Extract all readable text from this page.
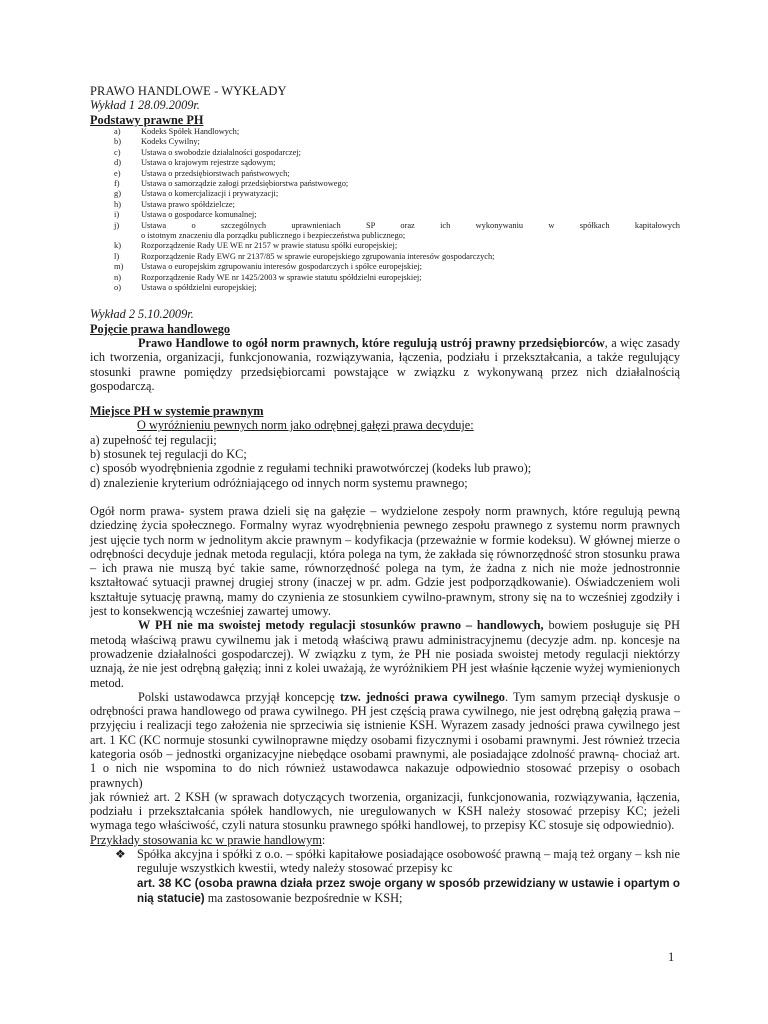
PRAWO HANDLOWE - WYKŁADY
Wykład 1 28.09.2009r.
Podstawy prawne PH
a)	Kodeks Spółek Handlowych;
b)	Kodeks Cywilny;
c)	Ustawa o swobodzie działalności gospodarczej;
d)	Ustawa o krajowym rejestrze sądowym;
e)	Ustawa o przedsiębiorstwach państwowych;
f)	Ustawa o samorządzie załogi przedsiębiorstwa państwowego;
g)	Ustawa o komercjalizacji i prywatyzacji;
h)	Ustawa prawo spółdzielcze;
i)	Ustawa o gospodarce komunalnej;
j)	Ustawa o szczególnych uprawnieniach SP oraz ich wykonywaniu w spółkach kapitałowych
o istotnym znaczeniu dla porządku publicznego i bezpieczeństwa publicznego;
k)	Rozporządzenie Rady UE WE nr 2157 w prawie statusu spółki europejskiej;
l)	Rozporządzenie Rady EWG nr 2137/85 w sprawie europejskiego zgrupowania interesów gospodarczych;
m)	Ustawa o europejskim zgrupowaniu interesów gospodarczych i spółce europejskiej;
n)	Rozporządzenie Rady WE nr 1425/2003 w sprawie statutu spółdzielni europejskiej;
o)	Ustawa o spółdzielni europejskiej;
Wykład 2 5.10.2009r.
Pojęcie prawa handlowego

Prawo Handlowe to ogół norm prawnych, które regulują ustrój prawny przedsiębiorców, a więc zasady ich tworzenia, organizacji, funkcjonowania, rozwiązywania, łączenia, podziału i przekształcania, a także regulujący stosunki prawne pomiędzy przedsiębiorcami powstające w związku z wykonywaną przez nich działalnością gospodarczą.

Miejsce PH w systemie prawnym
O wyróżnieniu pewnych norm jako odrębnej gałęzi prawa decyduje:
a) zupełność tej regulacji;
b) stosunek tej regulacji do KC;
c) sposób wyodrębnienia zgodnie z regułami techniki prawotwórczej (kodeks lub prawo);
d) znalezienie kryterium odróżniającego od innych norm systemu prawnego;

Ogół norm prawa- system prawa dzieli się na gałęzie – wydzielone zespoły norm prawnych, które regulują pewną dziedzinę życia społecznego. Formalny wyraz wyodrębnienia pewnego zespołu prawnego z systemu norm prawnych jest ujęcie tych norm w jednolitym akcie prawnym – kodyfikacja (przeważnie w formie kodeksu). W głównej mierze o odrębności decyduje jednak metoda regulacji, która polega na tym, że zakłada się równorzędność stron stosunku prawa – ich prawa nie muszą być takie same, równorzędność polega na tym, że żadna z nich nie może jednostronnie kształtować sytuacji prawnej drugiej strony (inaczej w pr. adm. Gdzie jest podporządkowanie). Oświadczeniem woli kształtuje sytuację prawną, mamy do czynienia ze stosunkiem cywilno-prawnym, strony się na to wcześniej zgodziły i jest to konsekwencją wcześniej zawartej umowy.

W PH nie ma swoistej metody regulacji stosunków prawno – handlowych, bowiem posługuje się PH metodą właściwą prawu cywilnemu jak i metodą właściwą prawu administracyjnemu (decyzje adm. np. koncesje na prowadzenie działalności gospodarczej). W związku z tym, że PH nie posiada swoistej metody regulacji niektórzy uznają, że nie jest odrębną gałęzią; inni z kolei uważają, że wyróżnikiem PH jest właśnie łączenie wyżej wymienionych metod.

Polski ustawodawca przyjął koncepcję tzw. jedności prawa cywilnego. Tym samym przeciął dyskusje o odrębności prawa handlowego od prawa cywilnego. PH jest częścią prawa cywilnego, nie jest odrębną gałęzią prawa – przyjęciu i realizacji tego założenia nie sprzeciwia się istnienie KSH. Wyrazem zasady jedności prawa cywilnego jest art. 1 KC (KC normuje stosunki cywilnoprawne między osobami fizycznymi i osobami prawnymi. Jest również trzecia kategoria osób – jednostki organizacyjne niebędące osobami prawnymi, ale posiadające zdolność prawną- chociaż art. 1 o nich nie wspomina to do nich również ustawodawca nakazuje odpowiednio stosować przepisy o osobach prawnych)

jak również art. 2 KSH (w sprawach dotyczących tworzenia, organizacji, funkcjonowania, rozwiązywania, łączenia, podziału i przekształcania spółek handlowych, nie uregulowanych w KSH należy stosować przepisy KC; jeżeli wymaga tego właściwość, czyli natura stosunku prawnego spółki handlowej, to przepisy KC stosuje się odpowiednio).

Przykłady stosowania kc w prawie handlowym:
❖ Spółka akcyjna i spółki z o.o. – spółki kapitałowe posiadające osobowość prawną – mają też organy – ksh nie reguluje wszystkich kwestii, wtedy należy stosować przepisy kc
art. 38 KC (osoba prawna działa przez swoje organy w sposób przewidziany w ustawie i opartym o nią statucie) ma zastosowanie bezpośrednie w KSH;
1
